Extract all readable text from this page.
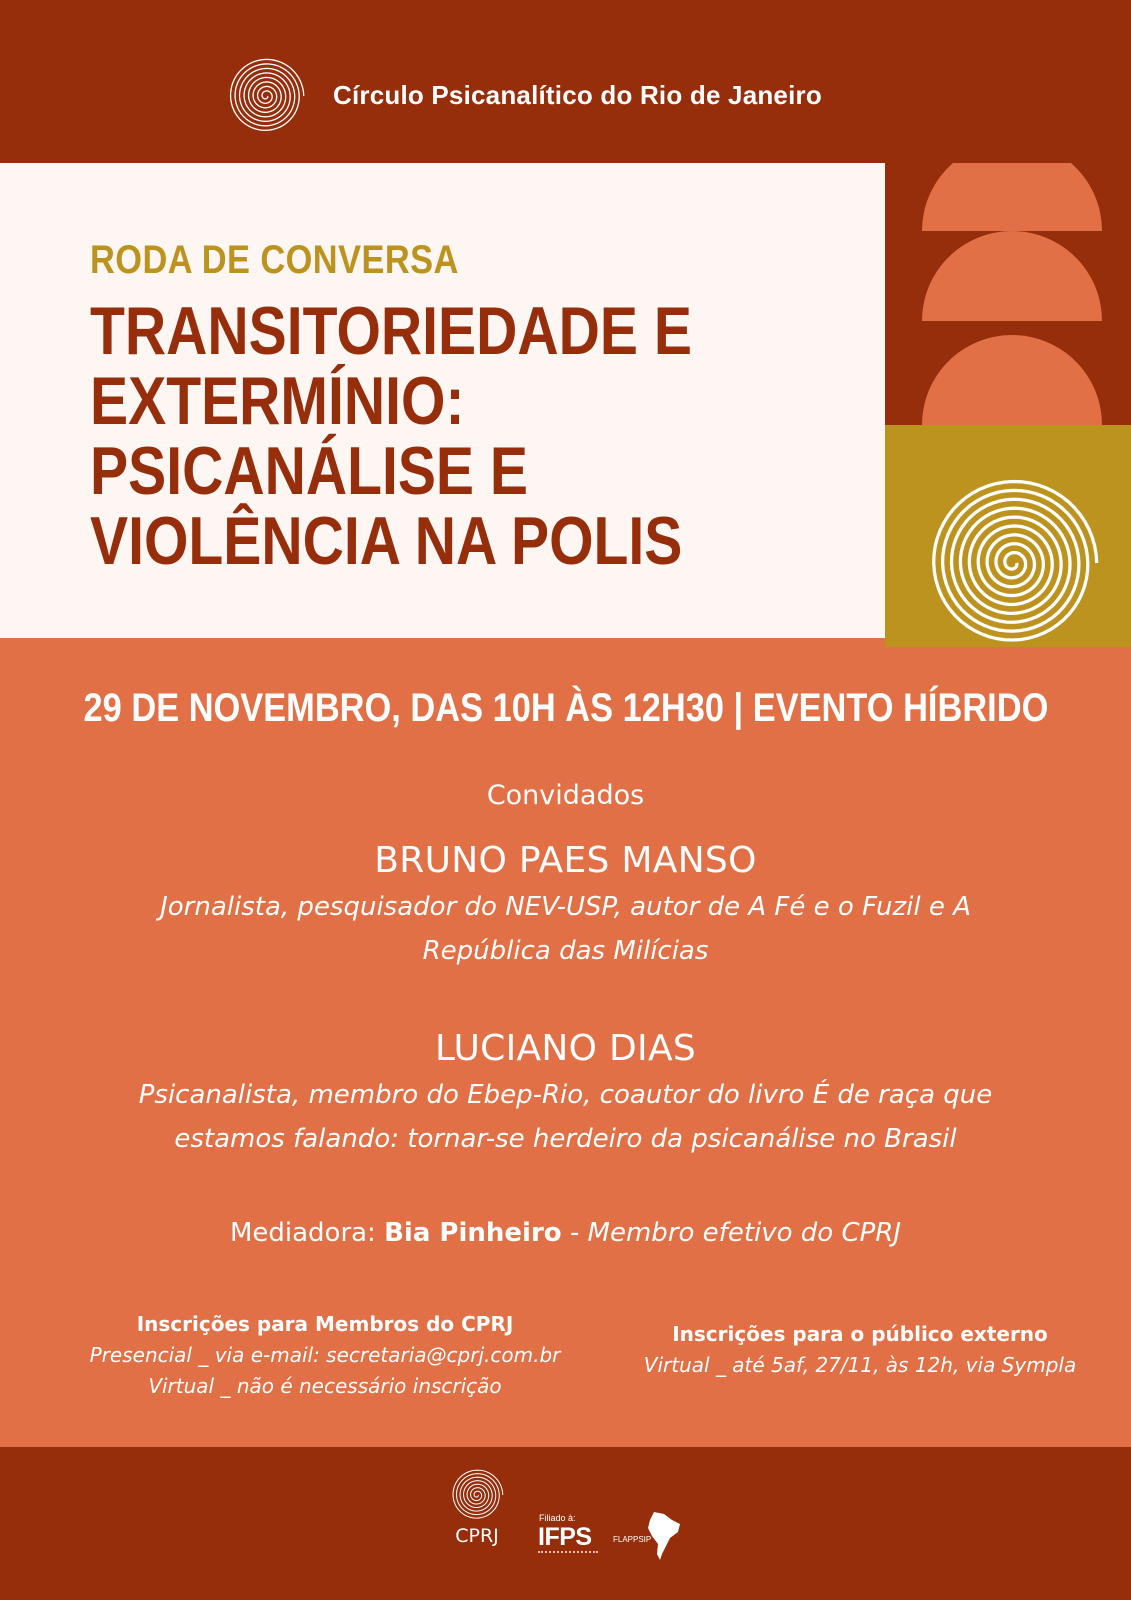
Círculo Psicanalítico do Rio de Janeiro
RODA DE CONVERSA
TRANSITORIEDADE E
EXTERMÍNIO:
PSICANÁLISE E
VIOLÊNCIA NA POLIS
29 DE NOVEMBRO, DAS 10H ÀS 12H30 | EVENTO HÍBRIDO
Convidados
BRUNO PAES MANSO
Jornalista, pesquisador do NEV-USP, autor de A Fé e o Fuzil e A República das Milícias
LUCIANO DIAS
Psicanalista, membro do Ebep-Rio, coautor do livro É de raça que estamos falando: tornar-se herdeiro da psicanálise no Brasil
Mediadora: Bia Pinheiro - Membro efetivo do CPRJ
Inscrições para Membros do CPRJ
Presencial _ via e-mail: secretaria@cprj.com.br
Virtual _ não é necessário inscrição
Inscrições para o público externo
Virtual _ até 5af, 27/11, às 12h, via Sympla
CPRJ
Filiado à:
IFPS	FLAPPSIP
